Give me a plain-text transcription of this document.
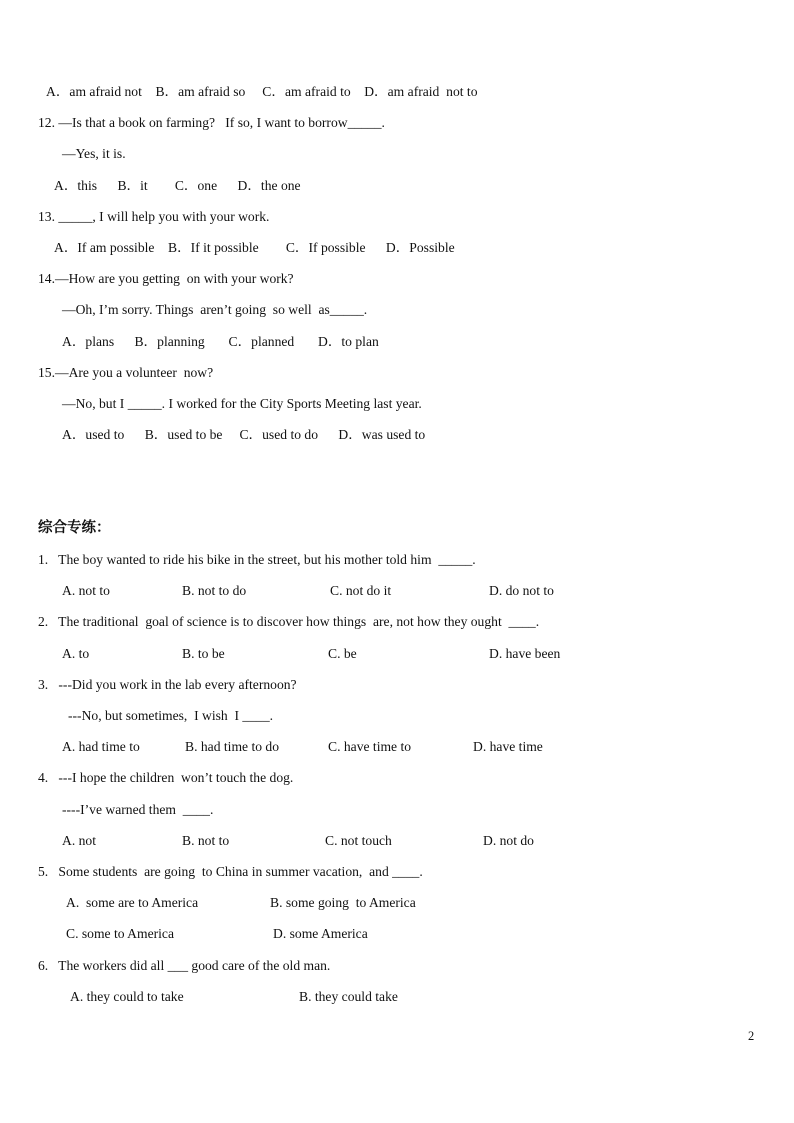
A．am afraid not    B．am afraid so     C．am afraid to    D．am afraid  not to
12. —Is that a book on farming?   If so, I want to borrow_____.
—Yes, it is.
A．this      B．it        C．one      D．the one
13. _____, I will help you with your work.
A．If am possible    B．If it possible        C．If possible      D．Possible
14.—How are you getting  on with your work?
—Oh, I’m sorry. Things  aren’t going  so well  as_____.
A．plans      B．planning       C．planned       D．to plan
15.—Are you a volunteer  now?
—No, but I _____. I worked for the City Sports Meeting last year.
A．used to      B．used to be     C．used to do      D．was used to
综合专练：
1.   The boy wanted to ride his bike in the street, but his mother told him  _____.
A. not to	B. not to do	C. not do it	D. do not to
2.   The traditional  goal of science is to discover how things  are, not how they ought  ____.
A. to	B. to be	C. be	D. have been
3.   ---Did you work in the lab every afternoon?
---No, but sometimes,  I wish  I ____.
A. had time to	B. had time to do	C. have time to	D. have time
4.   ---I hope the children  won’t touch the dog.
----I’ve warned them  ____.
A. not	B. not to	C. not touch	D. not do
5.   Some students  are going  to China in summer vacation,  and ____.
A.  some are to America	B. some going  to America
C. some to America	D. some America
6.   The workers did all ___ good care of the old man.
A. they could to take	B. they could take
2
